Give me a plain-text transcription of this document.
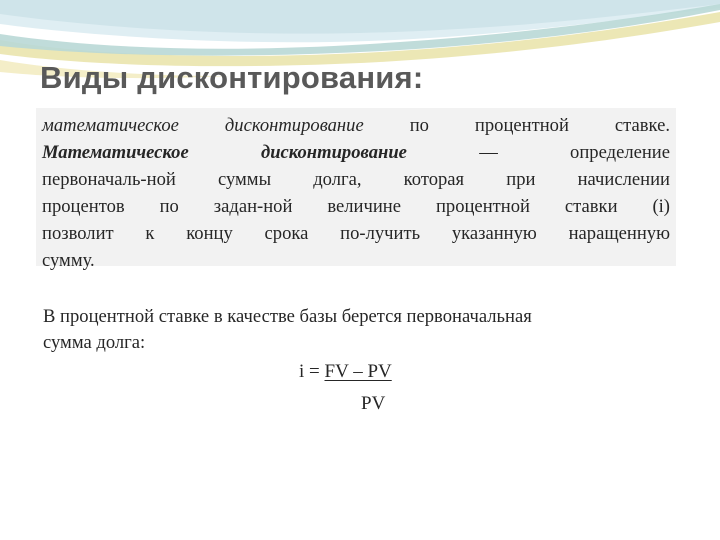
Виды дисконтирования:

математическое дисконтирование по процентной ставке.

Математическое дисконтирование — определение

первоначаль-ной суммы долга, которая при начислении

процентов по задан-ной величине процентной ставки (i)

позволит к концу срока по-лучить указанную наращенную

сумму.

В процентной ставке в качестве базы берется первоначальная
сумма долга:

i = FV – PV
PV
